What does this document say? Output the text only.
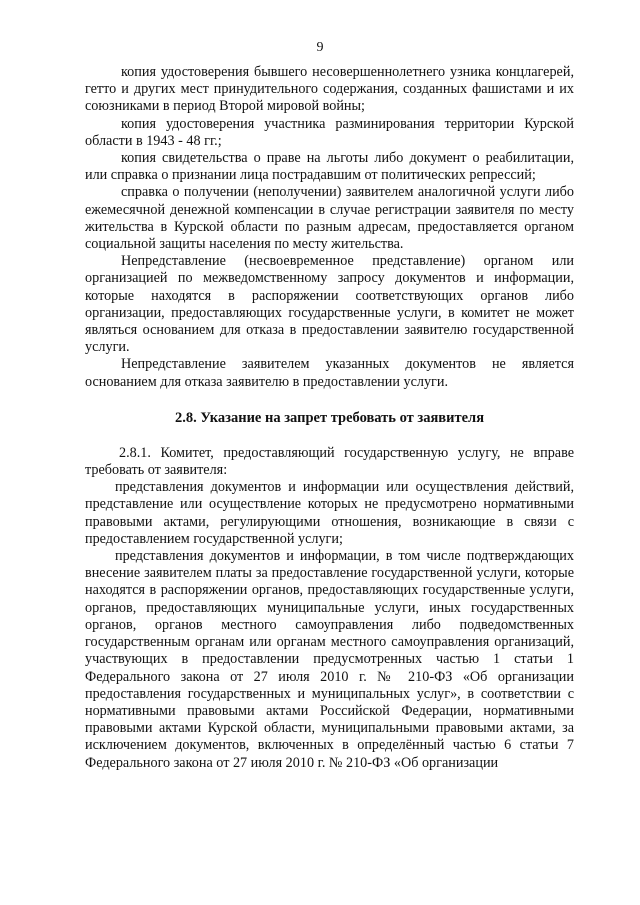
9

копия удостоверения бывшего несовершеннолетнего узника концлагерей, гетто и других мест принудительного содержания, созданных фашистами и их союзниками в период Второй мировой войны;

копия удостоверения участника разминирования территории Курской области в 1943 - 48 гг.;

копия свидетельства о праве на льготы либо документ о реабилитации, или справка о признании лица пострадавшим от политических репрессий;

справка о получении (неполучении) заявителем аналогичной услуги либо ежемесячной денежной компенсации в случае регистрации заявителя по месту жительства в Курской области по разным адресам, предоставляется органом социальной защиты населения по месту жительства.

Непредставление (несвоевременное представление) органом или организацией по межведомственному запросу документов и информации, которые находятся в распоряжении соответствующих органов либо организации, предоставляющих государственные услуги, в комитет не может являться основанием для отказа в предоставлении заявителю государственной услуги.

Непредставление заявителем указанных документов не является основанием для отказа заявителю в предоставлении услуги.

2.8. Указание на запрет требовать от заявителя

2.8.1. Комитет, предоставляющий государственную услугу, не вправе требовать от заявителя:

представления документов и информации или осуществления действий, представление или осуществление которых не предусмотрено нормативными правовыми актами, регулирующими отношения, возникающие в связи с предоставлением государственной услуги;

представления документов и информации, в том числе подтверждающих внесение заявителем платы за предоставление государственной услуги, которые находятся в распоряжении органов, предоставляющих государственные услуги, органов, предоставляющих муниципальные услуги, иных государственных органов, органов местного самоуправления либо подведомственных государственным органам или органам местного самоуправления организаций, участвующих в предоставлении предусмотренных частью 1 статьи 1 Федерального закона от 27 июля 2010 г. № 210-ФЗ «Об организации предоставления государственных и муниципальных услуг», в соответствии с нормативными правовыми актами Российской Федерации, нормативными правовыми актами Курской области, муниципальными правовыми актами, за исключением документов, включенных в определённый частью 6 статьи 7 Федерального закона от 27 июля 2010 г. № 210-ФЗ «Об организации
